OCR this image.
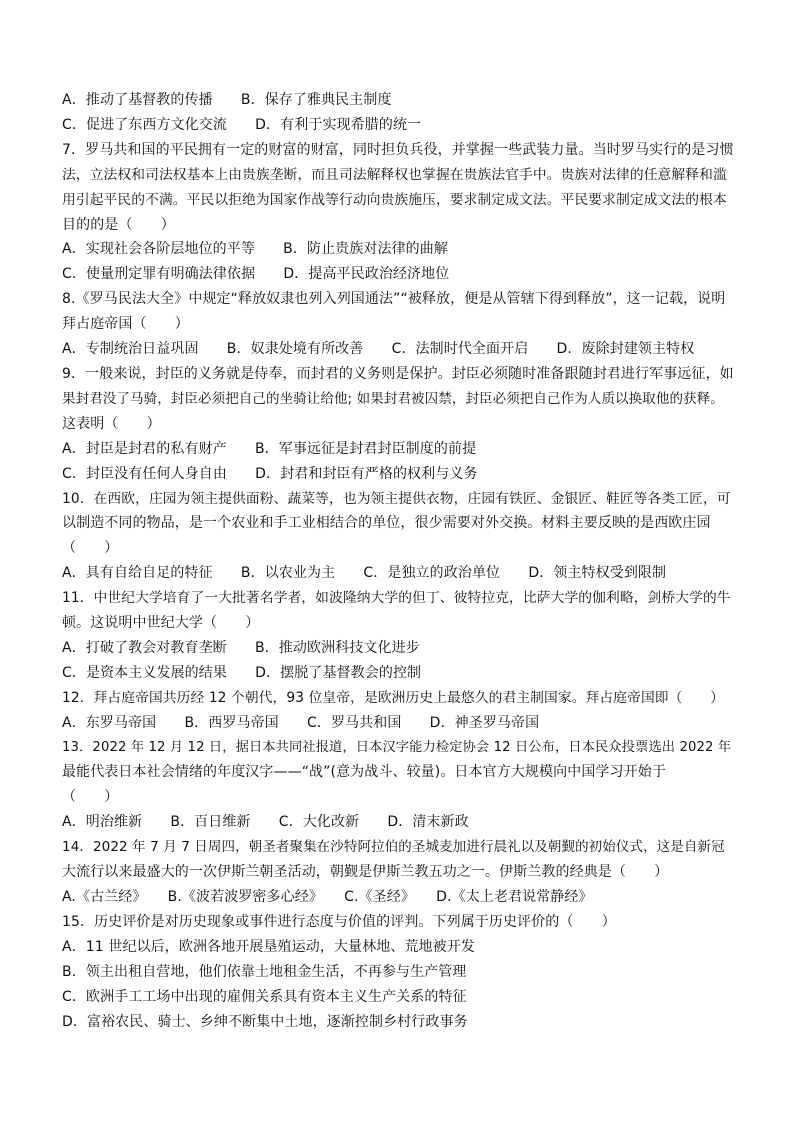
A．推动了基督教的传播　　B．保存了雅典民主制度
C．促进了东西方文化交流　　D．有利于实现希腊的统一
7．罗马共和国的平民拥有一定的财富的财富，同时担负兵役，并掌握一些武装力量。当时罗马实行的是习惯
法，立法权和司法权基本上由贵族垄断，而且司法解释权也掌握在贵族法官手中。贵族对法律的任意解释和滥
用引起平民的不满。平民以拒绝为国家作战等行动向贵族施压，要求制定成文法。平民要求制定成文法的根本
目的的是（　　）
A．实现社会各阶层地位的平等　　B．防止贵族对法律的曲解
C．使量刑定罪有明确法律依据　　D．提高平民政治经济地位
8.《罗马民法大全》中规定“释放奴隶也列入列国通法”“被释放，便是从管辖下得到释放”，这一记载，说明
拜占庭帝国（　　）
A．专制统治日益巩固　　B．奴隶处境有所改善　　C．法制时代全面开启　　D．废除封建领主特权
9．一般来说，封臣的义务就是侍奉，而封君的义务则是保护。封臣必须随时准备跟随封君进行军事远征，如
果封君没了马骑，封臣必须把自己的坐骑让给他; 如果封君被囚禁，封臣必须把自己作为人质以换取他的获释。
这表明（　　）
A．封臣是封君的私有财产　　B．军事远征是封君封臣制度的前提
C．封臣没有任何人身自由　　D．封君和封臣有严格的权利与义务
10．在西欧，庄园为领主提供面粉、蔬菜等，也为领主提供衣物，庄园有铁匠、金银匠、鞋匠等各类工匠，可
以制造不同的物品，是一个农业和手工业相结合的单位，很少需要对外交换。材料主要反映的是西欧庄园
（　　）
A．具有自给自足的特征　　B．以农业为主　　C．是独立的政治单位　　D．领主特权受到限制
11．中世纪大学培育了一大批著名学者，如波隆纳大学的但丁、彼特拉克，比萨大学的伽利略，剑桥大学的牛
顿。这说明中世纪大学（　　）
A．打破了教会对教育垄断　　B．推动欧洲科技文化进步
C．是资本主义发展的结果　　D．摆脱了基督教会的控制
12．拜占庭帝国共历经 12 个朝代，93 位皇帝，是欧洲历史上最悠久的君主制国家。拜占庭帝国即（　　）
A．东罗马帝国　　B．西罗马帝国　　C．罗马共和国　　D．神圣罗马帝国
13．2022 年 12 月 12 日，据日本共同社报道，日本汉字能力检定协会 12 日公布，日本民众投票选出 2022 年
最能代表日本社会情绪的年度汉字——“战”(意为战斗、较量)。日本官方大规模向中国学习开始于
（　　）
A．明治维新　　B．百日维新　　C．大化改新　　D．清末新政
14．2022 年 7 月 7 日周四，朝圣者聚集在沙特阿拉伯的圣城麦加进行晨礼以及朝觐的初始仪式，这是自新冠
大流行以来最盛大的一次伊斯兰朝圣活动，朝觐是伊斯兰教五功之一。伊斯兰教的经典是（　　）
A.《古兰经》　　B.《波若波罗密多心经》　　C.《圣经》　　D.《太上老君说常静经》
15．历史评价是对历史现象或事件进行态度与价值的评判。下列属于历史评价的（　　）
A．11 世纪以后，欧洲各地开展垦殖运动，大量林地、荒地被开发
B．领主出租自营地，他们依靠土地租金生活，不再参与生产管理
C．欧洲手工工场中出现的雇佣关系具有资本主义生产关系的特征
D．富裕农民、骑士、乡绅不断集中土地，逐渐控制乡村行政事务
